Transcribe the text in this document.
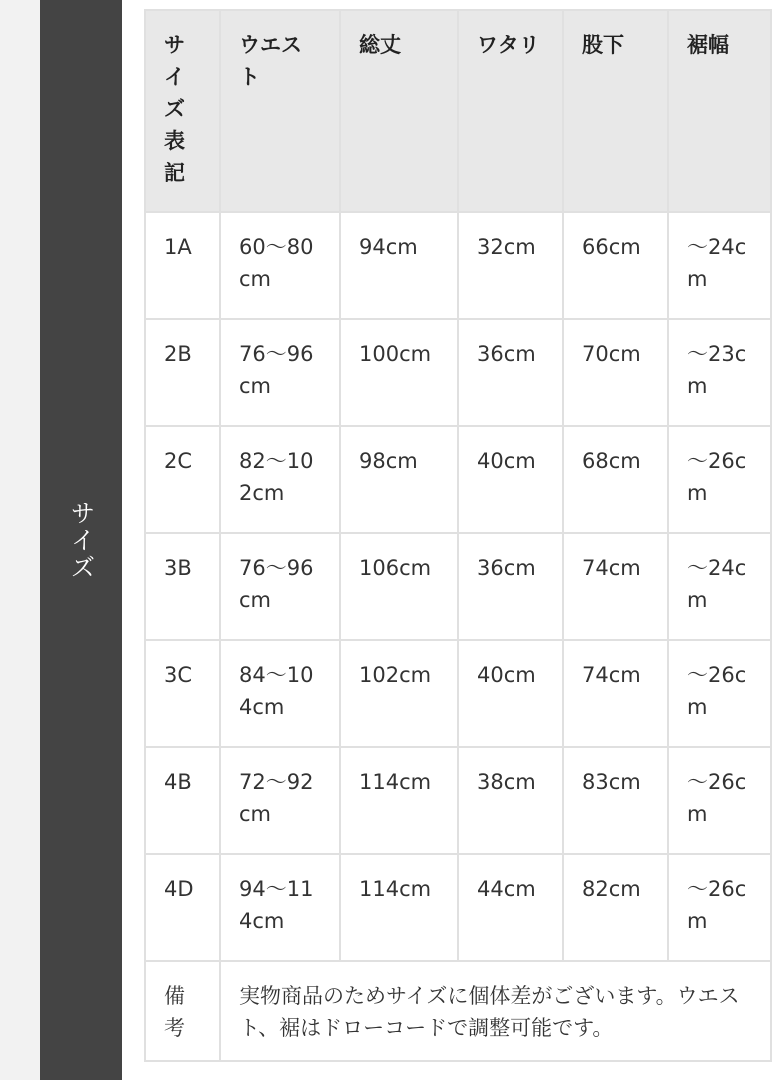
サイズ
サイズ表記	ウエスト	総丈	ワタリ	股下	裾幅
1A	60〜80cm	94cm	32cm	66cm	〜24cm
2B	76〜96cm	100cm	36cm	70cm	〜23cm
2C	82〜102cm	98cm	40cm	68cm	〜26cm
3B	76〜96cm	106cm	36cm	74cm	〜24cm
3C	84〜104cm	102cm	40cm	74cm	〜26cm
4B	72〜92cm	114cm	38cm	83cm	〜26cm
4D	94〜114cm	114cm	44cm	82cm	〜26cm
備考	実物商品のためサイズに個体差がございます。ウエスト、裾はドローコードで調整可能です。				
